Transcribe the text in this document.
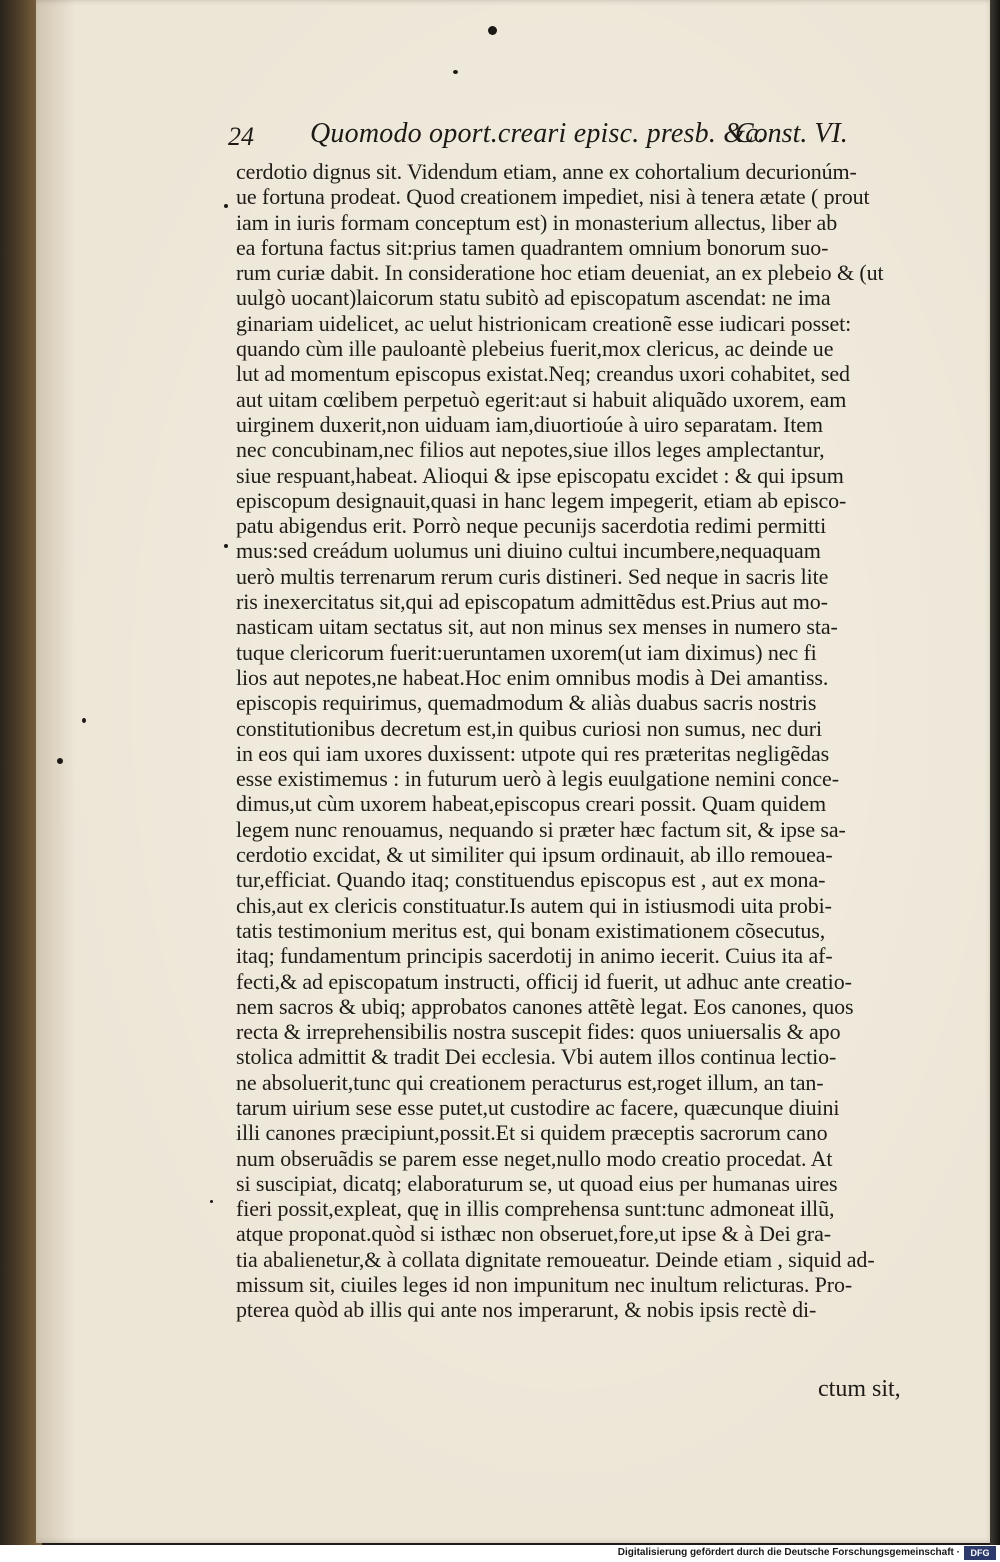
24 Quomodo oport.creari episc. presb. &c.
Const. VI.
cerdotio dignus sit. Videndum etiam, anne ex cohortalium decurionúm-
ue fortuna prodeat. Quod creationem impediet, nisi à tenera ætate ( prout
iam in iuris formam conceptum est) in monasterium allectus, liber ab
ea fortuna factus sit:prius tamen quadrantem omnium bonorum suo-
rum curiæ dabit. In consideratione hoc etiam deueniat, an ex plebeio & (ut
uulgò uocant)laicorum statu subitò ad episcopatum ascendat: ne ima
ginariam uidelicet, ac uelut histrionicam creationẽ esse iudicari posset:
quando cùm ille pauloantè plebeius fuerit,mox clericus, ac deinde ue
lut ad momentum episcopus existat.Neq; creandus uxori cohabitet, sed
aut uitam cœlibem perpetuò egerit:aut si habuit aliquãdo uxorem, eam
uirginem duxerit,non uiduam iam,diuortioúe à uiro separatam. Item
nec concubinam,nec filios aut nepotes,siue illos leges amplectantur,
siue respuant,habeat. Alioqui & ipse episcopatu excidet : & qui ipsum
episcopum designauit,quasi in hanc legem impegerit, etiam ab episco-
patu abigendus erit. Porrò neque pecunijs sacerdotia redimi permitti
mus:sed creádum uolumus uni diuino cultui incumbere,nequaquam
uerò multis terrenarum rerum curis distineri. Sed neque in sacris lite
ris inexercitatus sit,qui ad episcopatum admittẽdus est.Prius aut mo-
nasticam uitam sectatus sit, aut non minus sex menses in numero sta-
tuque clericorum fuerit:ueruntamen uxorem(ut iam diximus) nec fi
lios aut nepotes,ne habeat.Hoc enim omnibus modis à Dei amantiss.
episcopis requirimus, quemadmodum & aliàs duabus sacris nostris
constitutionibus decretum est,in quibus curiosi non sumus, nec duri
in eos qui iam uxores duxissent: utpote qui res præteritas negligẽdas
esse existimemus : in futurum uerò à legis euulgatione nemini conce-
dimus,ut cùm uxorem habeat,episcopus creari possit. Quam quidem
legem nunc renouamus, nequando si præter hæc factum sit, & ipse sa-
cerdotio excidat, & ut similiter qui ipsum ordinauit, ab illo remouea-
tur,efficiat. Quando itaq; constituendus episcopus est , aut ex mona-
chis,aut ex clericis constituatur.Is autem qui in istiusmodi uita probi-
tatis testimonium meritus est, qui bonam existimationem cõsecutus,
itaq; fundamentum principis sacerdotij in animo iecerit. Cuius ita af-
fecti,& ad episcopatum instructi, officij id fuerit, ut adhuc ante creatio-
nem sacros & ubiq; approbatos canones attẽtè legat. Eos canones, quos
recta & irreprehensibilis nostra suscepit fides: quos uniuersalis & apo
stolica admittit & tradit Dei ecclesia. Vbi autem illos continua lectio-
ne absoluerit,tunc qui creationem peracturus est,roget illum, an tan-
tarum uirium sese esse putet,ut custodire ac facere, quæcunque diuini
illi canones præcipiunt,possit.Et si quidem præceptis sacrorum cano
num obseruãdis se parem esse neget,nullo modo creatio procedat. At
si suscipiat, dicatq; elaboraturum se, ut quoad eius per humanas uires
fieri possit,expleat, quę in illis comprehensa sunt:tunc admoneat illũ,
atque proponat.quòd si isthæc non obseruet,fore,ut ipse & à Dei gra-
tia abalienetur,& à collata dignitate remoueatur. Deinde etiam , siquid ad-
missum sit, ciuiles leges id non impunitum nec inultum relicturas. Pro-
pterea quòd ab illis qui ante nos imperarunt, & nobis ipsis rectè di-
ctum sit,
Digitalisierung gefördert durch die Deutsche Forschungsgemeinschaft ·	DFG
